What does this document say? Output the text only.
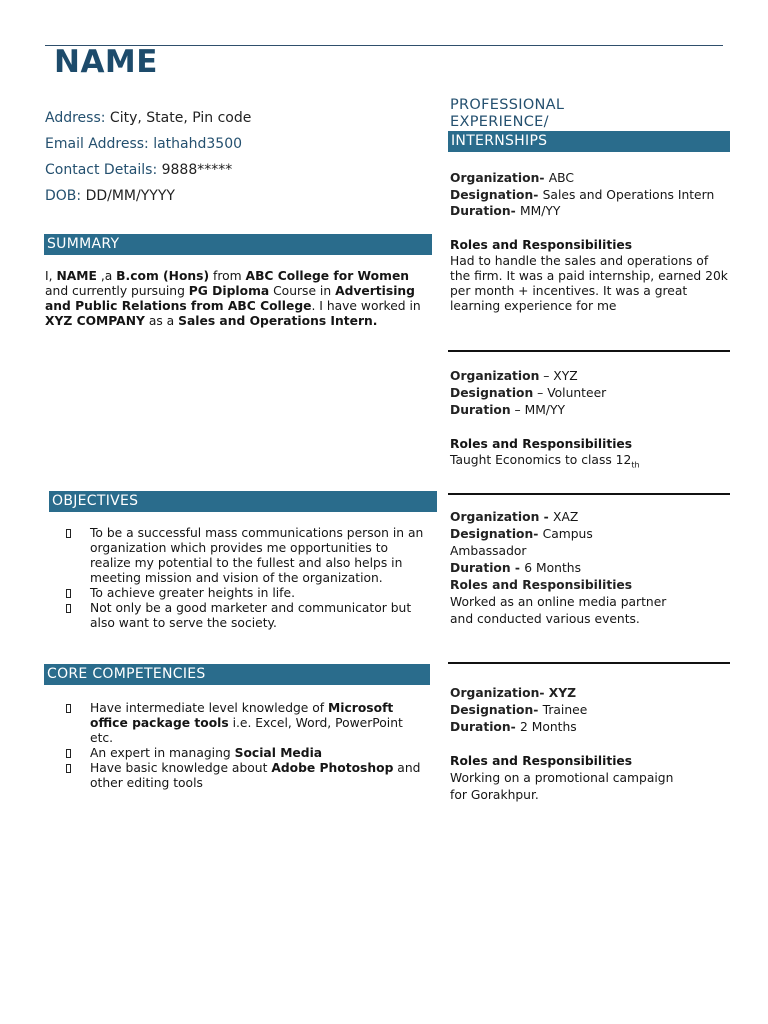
NAME
Address: City, State, Pin code
Email Address: lathahd3500
Contact Details: 9888*****
DOB: DD/MM/YYYY
SUMMARY
I, NAME ,a B.com (Hons) from ABC College for Women and currently pursuing PG Diploma Course in Advertising and Public Relations from ABC College. I have worked in XYZ COMPANY as a Sales and Operations Intern.
OBJECTIVES
To be a successful mass communications person in an organization which provides me opportunities to realize my potential to the fullest and also helps in meeting mission and vision of the organization.
To achieve greater heights in life.
Not only be a good marketer and communicator but also want to serve the society.
CORE COMPETENCIES
Have intermediate level knowledge of Microsoft office package tools i.e. Excel, Word, PowerPoint etc.
An expert in managing Social Media
Have basic knowledge about Adobe Photoshop and other editing tools
PROFESSIONAL
EXPERIENCE/
INTERNSHIPS
Organization- ABC
Designation- Sales and Operations Intern
Duration- MM/YY
Roles and Responsibilities
Had to handle the sales and operations of the firm. It was a paid internship, earned 20k per month + incentives. It was a great learning experience for me
Organization – XYZ
Designation – Volunteer
Duration – MM/YY
Roles and Responsibilities
Taught Economics to class $12_{th}$
Organization - XAZ
Designation- Campus Ambassador
Duration - 6 Months
Roles and Responsibilities
Worked as an online media partner and conducted various events.
Organization- XYZ
Designation- Trainee
Duration- 2 Months
Roles and Responsibilities
Working on a promotional campaign for Gorakhpur.
